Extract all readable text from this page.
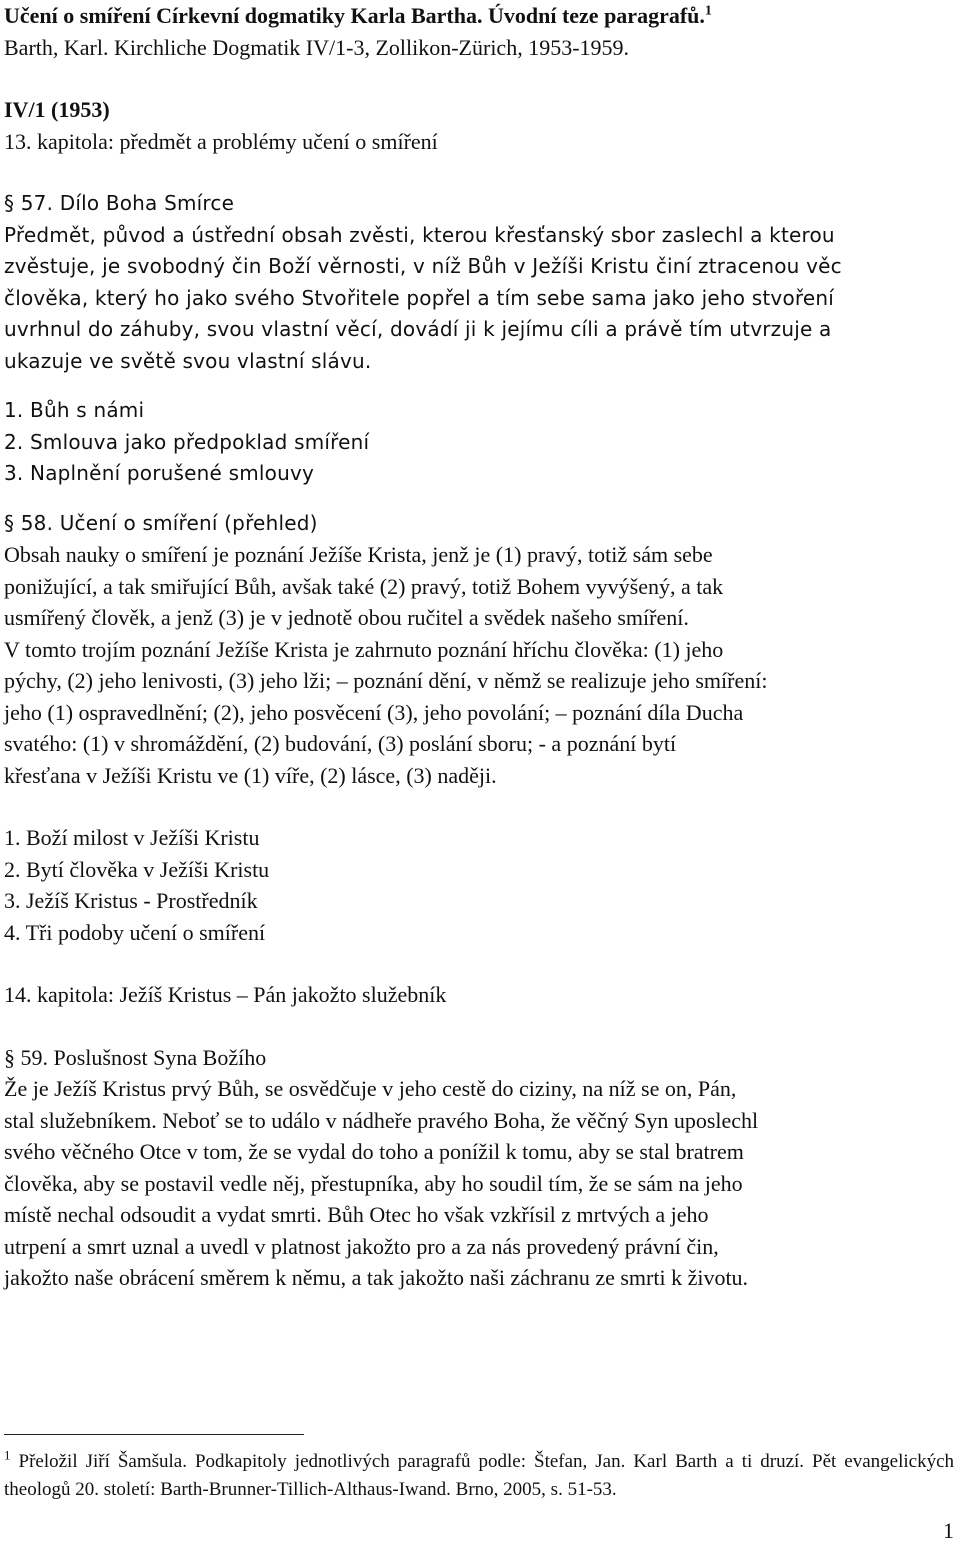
Učení o smíření Církevní dogmatiky Karla Bartha. Úvodní teze paragrafů.$^1$

Barth, Karl. Kirchliche Dogmatik IV/1-3, Zollikon-Zürich, 1953-1959.

IV/1 (1953)

13. kapitola: předmět a problémy učení o smíření

§ 57. Dílo Boha Smírce

Předmět, původ a ústřední obsah zvěsti, kterou křesťanský sbor zaslechl a kterou

zvěstuje, je svobodný čin Boží věrnosti, v níž Bůh v Ježíši Kristu činí ztracenou věc

člověka, který ho jako svého Stvořitele popřel a tím sebe sama jako jeho stvoření

uvrhnul do záhuby, svou vlastní věcí, dovádí ji k jejímu cíli a právě tím utvrzuje a

ukazuje ve světě svou vlastní slávu.

1. Bůh s námi

2. Smlouva jako předpoklad smíření

3. Naplnění porušené smlouvy

§ 58. Učení o smíření (přehled)

Obsah nauky o smíření je poznání Ježíše Krista, jenž je (1) pravý, totiž sám sebe

ponižující, a tak smiřující Bůh, avšak také (2) pravý, totiž Bohem vyvýšený, a tak

usmířený člověk, a jenž (3) je v jednotě obou ručitel a svědek našeho smíření.

V tomto trojím poznání Ježíše Krista je zahrnuto poznání hříchu člověka: (1) jeho

pýchy, (2) jeho lenivosti, (3) jeho lži; – poznání dění, v němž se realizuje jeho smíření:

jeho (1) ospravedlnění; (2), jeho posvěcení (3), jeho povolání; – poznání díla Ducha

svatého: (1) v shromáždění, (2) budování, (3) poslání sboru; - a poznání bytí

křesťana v Ježíši Kristu ve (1) víře, (2) lásce, (3) naději.

1. Boží milost v Ježíši Kristu

2. Bytí člověka v Ježíši Kristu

3. Ježíš Kristus - Prostředník

4. Tři podoby učení o smíření

14. kapitola: Ježíš Kristus – Pán jakožto služebník

§ 59. Poslušnost Syna Božího

Že je Ježíš Kristus prvý Bůh, se osvědčuje v jeho cestě do ciziny, na níž se on, Pán,

stal služebníkem. Neboť se to událo v nádheře pravého Boha, že věčný Syn uposlechl

svého věčného Otce v tom, že se vydal do toho a ponížil k tomu, aby se stal bratrem

člověka, aby se postavil vedle něj, přestupníka, aby ho soudil tím, že se sám na jeho

místě nechal odsoudit a vydat smrti. Bůh Otec ho však vzkřísil z mrtvých a jeho

utrpení a smrt uznal a uvedl v platnost jakožto pro a za nás provedený právní čin,

jakožto naše obrácení směrem k němu, a tak jakožto naši záchranu ze smrti k životu.

$^1$ Přeložil Jiří Šamšula. Podkapitoly jednotlivých paragrafů podle: Štefan, Jan. Karl Barth a ti druzí. Pět evangelických theologů 20. století: Barth-Brunner-Tillich-Althaus-Iwand. Brno, 2005, s. 51-53.
1
